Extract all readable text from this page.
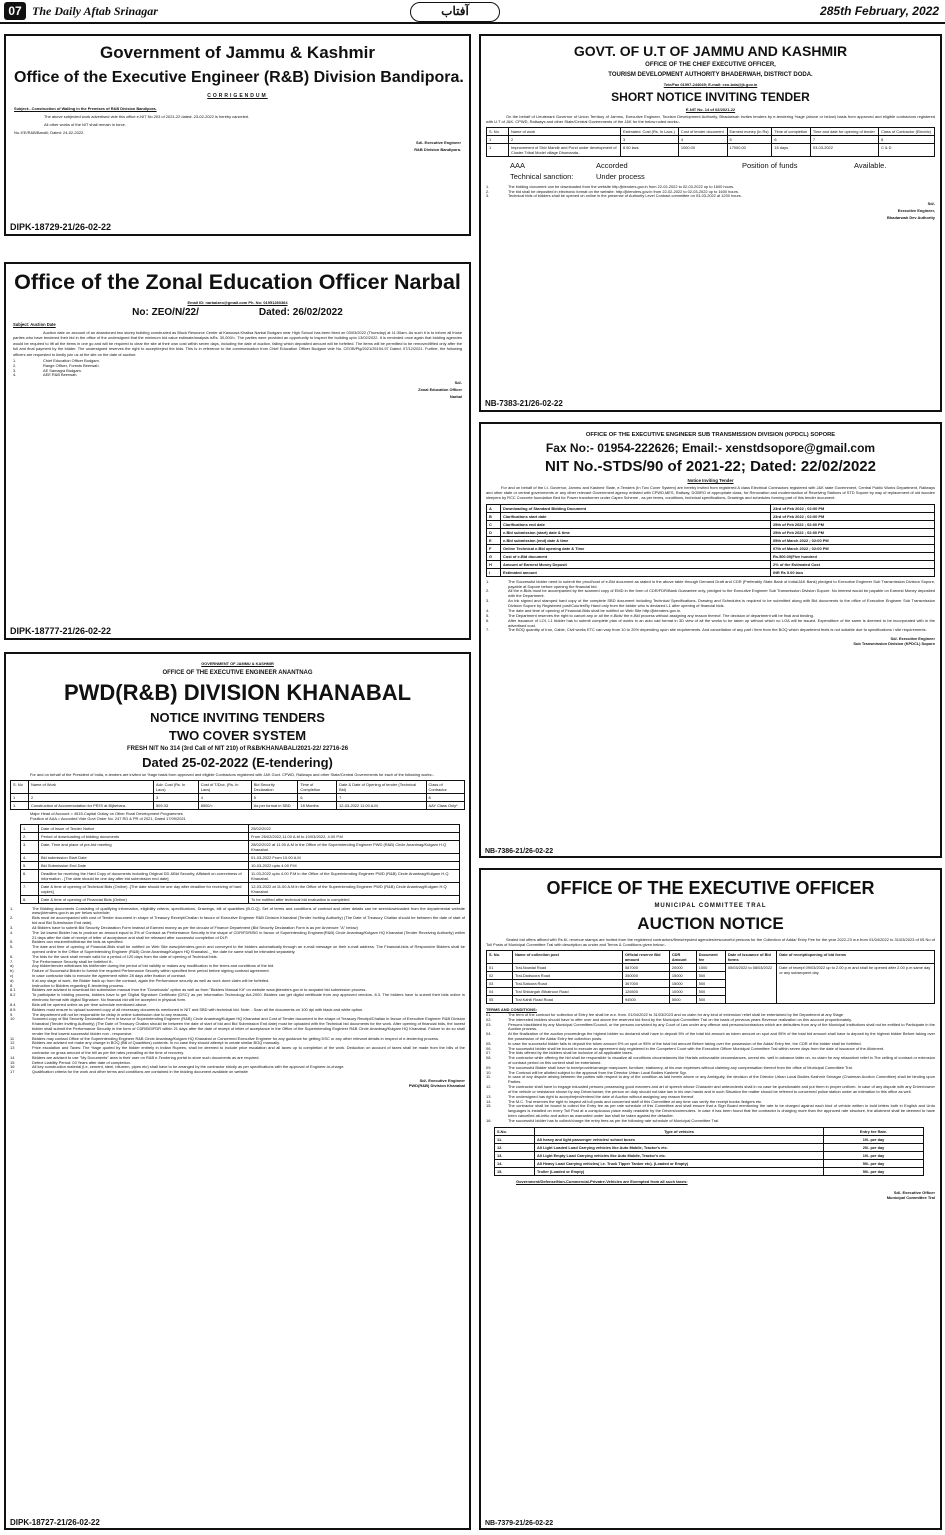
07 The Daily Aftab Srinagar	آفتاب	285th February, 2022
Government of Jammu & Kashmir
Office of the Executive Engineer (R&B) Division Bandipora.
CORRIGENDUM
Subject:- Construction of Walling in the Premises of R&B Division Bandipora.

The above subjected work advertised vide this office e-NIT No.203 of 2021-22 dated:-23-02-2022 is hereby canceled.

All other works of the NIT shall remain in force.

No.:EE/R&B/Bandi/; Dated: 24-02-2022.

Sd/- Executive Engineer
R&B Division Bandipora.
DIPK-18729-21/26-02-22
Office of the Zonal Education Officer Narbal
Email ID: narbalzeo@gmail.com Ph. No: 01951260364
No: ZEO/N/22/	Dated: 26/02/2022
Subject: Auction Date

Auction date on account of an abandoned two storey building constructed as Block Resource Center at Kawoosa Khalisa Narbal Budgam near High School has been fixed on 03/03/2022 (Thursday) at 11:30am. As such it is to inform all those parties who have tendered their bid in the office of the undersigned that the minimum bid value estimate/analysis isRs. 30,000/=. The parties were provided an opportunity to inspect the building upto 13/02/2022. It is reminded once again that bidding agencies would be required to lift all the items in one go and will be required to clear the site at their own cost within seven days, including the date of auction, failing which deposited amount will be forfeited. The items will be permitted to be removed/lifted only after the full and final payment by the bidder. The undersigned reserves the right to accept/reject the bids. This is in reference to the communication from Chief Education Officer Budgam vide No. CEOB/Plg/2021/25194-97 Dated: 07/12/2021. Further, the following officers are requested to kindly join us at the site on the date of auction:

1.	Chief Education Officer Budgam.
2.	Range Officer, Forests Beerwah.
3.	AE Samagra Budgam.
4.	AEE R&B Beerwah.
Sd/-
Zonal Education Officer
Narbal
DIPK-18777-21/26-02-22
GOVERNMENT OF JAMMU & KASHMIR
OFFICE OF THE EXECUTIVE ENGINEER ANANTNAG
PWD(R&B) DIVISION KHANABAL
NOTICE INVITING TENDERS
TWO COVER SYSTEM
FRESH NIT No 314 (3rd Call of NIT 210) of R&B/KHANABAL/2021-22/ 22716-26
Dated 25-02-2022 (E-tendering)

For and on behalf of the President of India, e-tenders are invited on %age basis from approved and eligible Contractors registered with J&K Govt. CPWD, Railways and other State/Central Governments for each of the following works:-

S. No	Name of Work	Adv. Cost (Rs. In Lacs)	Cost of T/Doc. (Rs. In Lacs)	Bid Security Declaration	Time of Completion	Date & Date of Opening of tender (Technical Bid)	Class of Contractor
1	2	3	4	5	6	7	8
1.	Construction of Accommodation for PRI'S at Bijbehara.	509.33	8500/=	As per format in SBD	18 Months	12-03-2022 11.00 A.M	AAY Class Only*

Major Head of Account = 4515-Capital Outlay on Other Rural Development Programmes

Position of AAA = Accorded Vide Govt Order No. 247 RD & PR of 2021, Dated 17/09/2021

1.	Date of Issue of Tender Notice	25/02/2022
2.	Period of downloading of bidding documents	From 26/02/2022,11.00 A.M to 10/03/2022, 4.00 P.M
3.	Date, Time and place of pre-bid meeting	28/02/2022 at 11.00 A.M in the Office of the Superintending Engineer PWD (R&B) Circle Anantnag/Kulgam H.Q Khanabal.
4.	Bid submission Start Date	01-03-2022 From 10.00 A.M
5.	Bid Submission End Date	10-03-2022 upto 4.00 P.M
6.	Deadline for receiving the Hard Copy of documents including Original DD &Bid Security, Affidavit on correctness of information - [The date should be one day after bid submission end date]	11-03-2022 upto 4.00 P.M in the Office of the Superintending Engineer PWD (R&B) Circle Anantnag/Kulgam H.Q Khanabal.
7.	Date & time of opening of Technical Bids (Online) -[The date should be one day after deadline for receiving of hard copies]	12-03-2022 at 11.00 A.M in the Office of the Superintending Engineer PWD (R&B) Circle Anantnag/Kulgam H.Q Khanabal.
8.	Date & time of opening of Financial Bids (Online)	To be notified after technical bid evaluation is completed
1.	The Bidding documents Consisting of qualifying information, eligibility criteria, specifications, Drawings, bill of quantities (B.O.Q), Set of terms and conditions of contract and other details can be seen/downloaded from the departmental website www.jktenders.gov.in as per below schedule:
2.	Bids must be accompanied with cost of Tender document in shape of Treasury Receipt/Challan in favour of Executive Engineer R&B Division Khanabal (Tender Inviting Authority) (The Date of Treasury Challan should be between the date of start of bid and Bid Submission End date).
3.	All Bidders have to submit Bid Security Declaration Form instead of Earnest money as per the circular of Finance Department (Bid Security Declaration Form is as per Annexure "A" below)
4.	The 1st lowest Bidder has to produce an amount equal to 3% of Contract as Performance Security in the shape of CDR/FDR/BG in favour of Superintending Engineer(R&B) Circle Anantnag/Kulgam HQ Khanabal (Tender Receiving Authority) within 21 days after the date of receipt of letter of acceptance and shall be released after successful completion of DLP.
5.	Bidders can resubmit/withdraw the bids as specified.
5.	The date and time of opening of Financial-Bids shall be notified on Web Site www.jktenders.gov.in and conveyed to the bidders automatically through an e-mail message on their e-mail address. The Financial-bids of Responsive Bidders shall be opened online in the Office of Superintending Engineer (R&B) Circle Anantnag/Kulgam HQ Khanabal.._ the date for same shall be intimated separately.
6.	The bids for the work shall remain valid for a period of 120 days from the date of opening of Technical bids.
7.	The Performance Security shall be forfeited if:-
a)	Any bidder/tender withdraws his bid/tender during the period of bid validity or makes any modification in the terms and conditions of the bid.
b)	Failure of Successful Bidder to furnish the required Performance Security within specified time period before signing contract agreement.
c)	In case contractor fails to execute the agreement within 28 days after fixation of contract.
d)	If at any stage of work, the Bidder back up from the contract, again the Performance security as well as work done claim will be forfeited.
8.	Instruction to Bidders regarding E-tendering process.
8.1	Bidders are advised to download bid submission manual from the "Downloads" option as well as from "Bidders Manual Kit" on website www.jktenders.gov.in to acquaint bid submission process.
8.2	To participate in bidding process, bidders have to get 'Digital Signature Certificate (DSC)' as per Information Technology Act-2000. Bidders can get digital certificate from any approved vendors. 8.3. The bidders have to submit their bids online in electronic format with digital Signature. No financial bid will be accepted in physical form.
8.4	Bids will be opened online as per time schedule mentioned above.
8.5	Bidders must ensure to upload scanned copy of all necessary documents mentioned in NIT and SBD with technical bid. Note: - Scan all the documents on 100 dpi with black and white option.
9.	The department will not be responsible for delay in online submission due to any reasons.
10	Scanned copy of Bid Security Declaration Form in favour of Superintending Engineer (R&B) Circle Anantnag/Kulgam HQ Khanabal and Cost of Tender document in the shape of Treasury Receipt/Challan in favour of Executive Engineer R&B Division Khanabal (Tender Inviting Authority) (The Date of Treasury Challan should be between the date of start of bid and Bid Submission End date) must be uploaded with the Technical bid documents for the work. After opening of financial bids, the lowest bidder shall submit the Performance Security in the form of CDR/BG/FDR within 21 days after the date of receipt of letter of acceptance in the Office of the Superintending Engineer R&B Circle Anantnag/Kulgam HQ Khanabal. Failure to do so shall render the first lowest successful bidder non - responsive.
11	Bidders may contact Office of the Superintending Engineer R&B Circle Anantnag/Kulgam HQ Khanabal or Concerned Executive Engineer for any guidance for getting DSC or any other relevant details in respect of e-tendering process.
12	Bidders are advised not make any change in BOQ (Bill of Quantities) contents. In no case they should attempt to create similar BOQ manually.
13	Price escalation and Taxes: The %age quoted by the bidder entirely in Indian Rupees, shall be deemed to include price escalation and all taxes up to completion of the work. Deduction on account of taxes shall be made from the bills of the contractor on gross amount of the bill as per the rates prevailing at the time of recovery.
14	Bidders are advised to use "My Documents" area in their user on R&B e-Tendering portal to store such documents as are required.
15	Defect Liability Period: 03 Years after date of completion.
16	All key construction material (i.e, cement, steel, bitumen, pipes etc) shall have to be arranged by the contractor strictly as per specifications with the approval of Engineer-in-charge.
17	Qualification criteria for the work and other terms and conditions are contained in the bidding document available on website
Sd/- Executive Engineer
PWD(R&B) Division Khanabal
DIPK-18727-21/26-02-22
GOVT. OF U.T OF JAMMU AND KASHMIR
OFFICE OF THE CHIEF EXECUTIVE OFFICER,
TOURISM DEVELOPMENT AUTHORITY BHADERWAH, DISTRICT DODA.
Tele/Fax 01997-244049; E-mail: ceo-bda@jk.gov.in
SHORT NOTICE INVITING TENDER
E-NIT No. 14 of 02/2021-22

On the behalf of Lieutenant Governor of Union Territory of Jammu, Executive Engineer, Tourism Development Authority, Bhadarwah invites tenders by e-tendering %age (above or below) basis from approved and eligible contractors registered with U.T of J&K. CPWD, Railways and other State/Central Governments of the J&K for the below noted works:-

S. No	Name of work	Estimated. Cost (Rs. In Lacs.)	Cost of tender document	Earnest money (In Rs)	Time of completion	Time and date for opening of tender	Class of Contractor (Electric)
1	2	3	4	5	6	7	8
1	Improvement of Shiv Mandir and Pond under development of Cluster Tribal Model village Dhumanda .	8.50 lacs	1000.00	17000.00	15 days	03-03-2022	C & D
AAA	Accorded	Position of funds	Available.
Technical sanction:	Under process
1.	The bidding document can be downloaded from the website http:/jktenders.gov.in from 22-02-2022 to 02-03-2022 up to 1600 hours.
2.	The bid shall be deposited in electronic format on the website: http://jktenders.gov.in from 22-02-2022 to 02-03-2022 up to 1600 hours.
3.	Technical bids of bidders shall be opened on online in the presence of Authority Level Contract committee on 03-03-2022 at 1200 hours.
Sd/-
Executive Engineer,
Bhadarwah Dev Authority
NB-7383-21/26-02-22
OFFICE OF THE EXECUTIVE ENGINEER SUB TRANSMISSION DIVISION (KPDCL) SOPORE
Fax No:- 01954-222626; Email:- xenstdsopore@gmail.com
NIT No.-STDS/90 of 2021-22; Dated: 22/02/2022
Notice Inviting Tender

For and on behalf of the Lt. Governor, Jammu and Kashmir State, e-Tenders (In Two Cover System) are hereby invited from registered A class Electrical Contractors registered with J&K state Government, Central Public Works Department, Railways and other state or central governments or any other relevant Government agency enlisted with CPWD,MES, Railway, DGBRO of appropriate class, for Renovation and modernization of Receiving Stations of STD Sopore by way of replacement of old wooden sleepers by RCC Concrete foundation Bed for Power transformer under Capex Scheme , as per terms, conditions, technical specifications, Drawings and schedules forming part of this tender document.

A	Downloading of Standard Bidding Document	23rd of Feb 2022 ; 02:00 PM
B	Clarifications start date	23rd of Feb 2022 ; 02:00 PM
C	Clarifications end date	25th of Feb 2022 ; 02:00 PM
D	e-Bid submission (start) date & time	25th of Feb 2022 ; 02:00 PM
E	e-Bid submission (end) date & time	05th of March 2022 ; 02:00 PM
F	Online Technical e-Bid opening date & Time	07th of March 2022 ; 02:00 PM
G	Cost of e-Bid document	Rs.500.00(Five hundred
H	Amount of Earnest Money Deposit	2% of the Estimated Cost
I	Estimated amount	INR Rs 5.00 lacs
1.	The Successful bidder need to submit the proof/cost of e-Bid document as stated in the above table through Demand Draft and CDR (Preferably State Bank of India/J&K Bank) pledged to Executive Engineer Sub Transmission Division Sopore, payable at Sopore before opening the financial bid.
2.	All the e-Bids must be accompanied by the scanned copy of EMD in the form of CDR/FDR/Bank Guarantee only, pledged to the Executive Engineer Sub Transmission Division Sopore. No Interest would be payable on Earnest Money deposited with the Department.
3.	An ink signed and stamped hard copy of the complete SBD document including Technical Specifications, Drawing and Schedules is required to be submitted along with Bid documents to the office of Executive Engineer Sub Transmission Division Sopore by Registered post/Courier/By Hand only from the bidder who is declared L1 after opening of financial bids.
4.	The date and time of opening of Financial-Bids shall be notified on Web Site http://jktenders.gov.in.
5.	The Department reserves the right to cancel any or all the e-Bids/ the e-Bid process without assigning any reason thereof. The decision of department will be final and binding.
6.	After issuance of LOI, L1 bidder has to submit complete plan of works in an auto cad format in 3D view of all the works to be taken up without which no LOA will be issued. Expenditure of the same is deemed to be incorporated with in the advertised cost.
7.	The BOQ quantity of Iron, Cable, Civil works ETC can vary from 10 to 20% depending upon site requirements. And cancellation of any part / item from the BOQ which department feels is not suitable due to specifications / site requirements.
Sd/- Executive Engineer
Sub Transmission Division (KPDCL) Sopore
NB-7386-21/26-02-22
OFFICE OF THE EXECUTIVE OFFICER
MUNICIPAL COMMITTEE TRAL
AUCTION NOTICE

Sealed bid offers affixed with Rs.6/- revenue stamps are invited from the registered contractors/firms/reputed agencies/resourceful persons for the Collection of Adda/ Entry Fee for the year 2022-23 w.e.from 01/04/2022 to 31/03/2023 of 05 No of Toll Posts of Municipal Committee Tral with description as under and Terms & Conditions given below:-

S. No.	Name of collection post	Official reserve Bid amount	CDR Amount	Document fee	Date of issuance of Bid forms	Date of receipt/opening of bid forms
01	Tral-Nowdal Road	587000	20000	1000	05/03/2022 to 08/03/2022	Date of receipt 09/03/2022 up to 2.00 p.m and shall be opened after 2.00 p.m same day or any subsequent day
02	Tral-Dadsoora Road	350000	15000	500		
03	Tral-Satoora Road	367000	15000	500		
04	Tral Shikargah /Bhatnoor Road	126500	10000	500		
05	Tral Kahill Road Road	94500	5000	500		
TERMS AND CONDITIONS:
01.	The term of the contract for collection of Entry fee shall be w.e. from. 01/04/2022 to 31/03/2023 and no claim for any kind of extension/ relief shall be entertained by the Department at any Stage
02.	The interested bidders should have to offer over and above the reserved bid fixed by the Municipal Committee Tral on the basis of previous years Revenue realization on this account proportionately.
03.	Persons blacklisted by any Municipal Committee/Council, or the persons convicted by any Court of Law under any offence and persons/contractors which are defaulters from any of the Municipal Institutions shall not be entitled to Participate in the Auction process.
04.	At the finalization of the auction proceedings the highest bidder so declared shall have to deposit 5% of the total bid amount as token amount on spot and 95% of the total bid amount shall have to deposit by the highest bidder Before taking over the possession of the Adda/ Entry fee collection posts.
05.	In case the successful bidder fails to deposit the token amount 5% on spot or 95% of the total bid amount Before taking over the possession of the Adda/ Entry fee, the CDR of the bidder shall be forfeited.
06.	The successful bidder shall be bound to execute an agreement duly registered in the Competent Court with the Executive Officer Municipal Committee Tral within seven days from the date of issuance of the Allotment.
07.	The bids offered by the bidders shall be inclusive of all applicable taxes.
08.	The contractor while offering the bid shall be responsible to visualize all conditions circumstances like Hartals unfavorable circumstances, unrest etc. well in advance latter on, no claim for any relaxation/ relief in The ceiling of contract or extension of contract period on this context shall be entertained.
09.	The successful Bidder shall have to bear/provide/arrange manpower, furniture, stationery, at his own expenses without claiming any compensation thereof from the office of Municipal Committee Tral.
10.	The Contract will be allotted subject to the approval from the Director Urban Local Bodies Kashmir Sgr.
11.	In case of any dispute arising between the parties with respect to any of the condition as laid herein above or any Ambiguity, the decision of the Director Urban Local Bodies Kashmir Srinagar (Chairman Auction Committee) shall be binding upon Parties.
12.	The contractor shall have to engage educated persons possessing good manners and art of speech whose Character and antecedents shall in no case be questionable and put them in proper uniform. In case of any dispute with any Driver/owner of the vehicle or resistance shown by any Driver/owner, the person on duty should not take law in his own hands and in such Situation the matter should be referred to concerned police station under an intimation to this office as well.
13.	The undersigned has right to accept/reject/extend the date of Auction without assigning any reason thereof.
14.	The M.C. Tral reserves the right to inspect all toll posts and concerned staff of this Committee at any time can verify the receipt books /ledgers etc.
15.	The contractor shall be bound to collect the Entry fee as per rate schedule of this Committee and shall ensure that a Sign Board mentioning the rate to be charged against each kind of vehicle written in bold letters both in English and Urdu languages is installed on every Toll Post at a conspicuous place easily readable by the Drivers/commuters. In case it has been found that the contractor is charging more than the approved rate structure, the allotment shall be deemed to have been cancelled ab-initio and action as warranted under law shall be taken against the defaulter.
16.	The successful bidder has to collect/charge the entry fees as per the following rate schedule of Municipal Committee Tral.
S.No.	Type of vehicles	Entry fee Rate.
11.	All heavy and light passenger vehicles/ school buses	10/- per day
12.	All Light Loaded Load Carrying vehicles like Auto Mobile, Tractor's etc.	20/- per day
13.	All Light Empty Load Carrying vehicles like Auto Mobile, Tractor's etc.	10/- per day
14.	All Heavy Load Carrying vehicles( i.e. Truck Tipper Tanker etc). (Loaded or Empty)	50/- per day
15.	Troller (Loaded or Empty)	50/- per day
Government/Defense/Non-Commercial-Privatre-Vehicles are Exempted from all such taxes:
Sd/- Executive Officer
Municipal Committee Tral
NB-7379-21/26-02-22
